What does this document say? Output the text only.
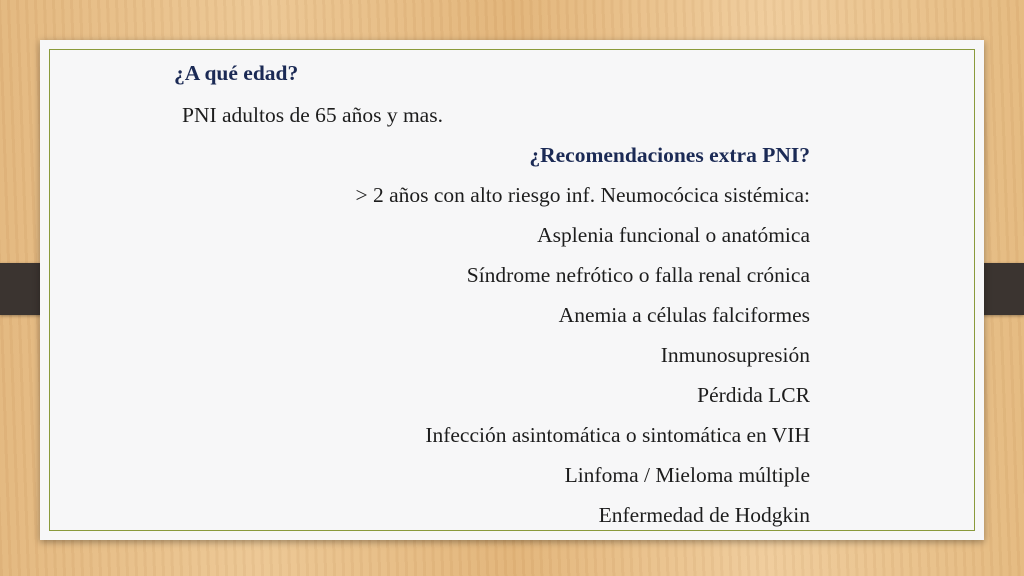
¿A qué edad?
PNI adultos de 65 años y mas.
¿Recomendaciones extra PNI?
> 2 años con alto riesgo inf. Neumocócica sistémica:
Asplenia funcional o anatómica
Síndrome nefrótico o falla renal crónica
Anemia a células falciformes
Inmunosupresión
Pérdida LCR
Infección asintomática o sintomática en VIH
Linfoma / Mieloma múltiple
Enfermedad de Hodgkin
